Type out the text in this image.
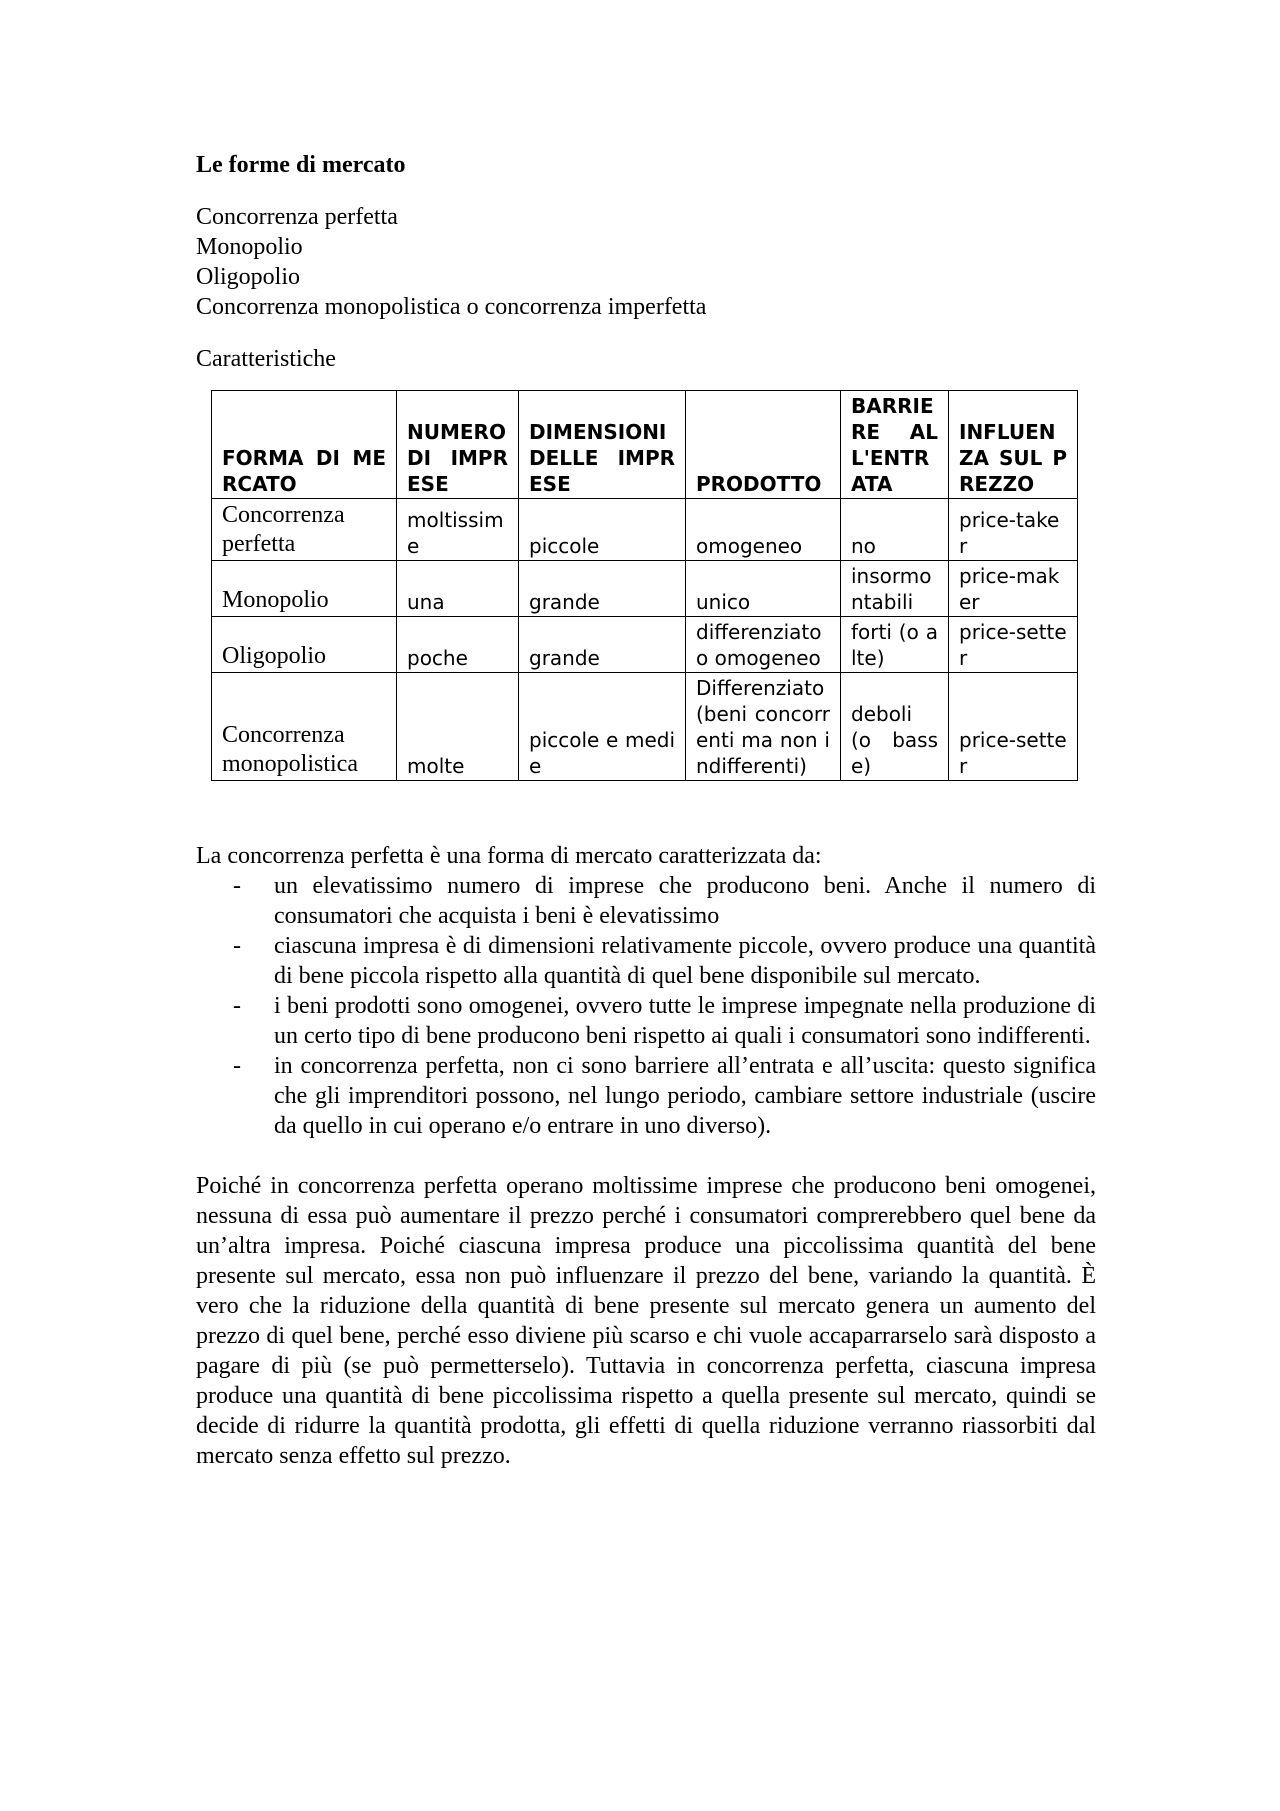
Le forme di mercato
Concorrenza perfetta
Monopolio
Oligopolio
Concorrenza monopolistica o concorrenza imperfetta
Caratteristiche
FORMA DI MERCATO	NUMERO DI IMPRESE	DIMENSIONI DELLE IMPRESE	PRODOTTO	BARRIERE ALL'ENTRATA	INFLUENZA SUL PREZZO
Concorrenza perfetta	moltissime	piccole	omogeneo	no	price-taker
Monopolio	una	grande	unico	insormontabili	price-maker
Oligopolio	poche	grande	differenziato o omogeneo	forti (o alte)	price-setter
Concorrenza monopolistica	molte	piccole e medie	Differenziato (beni concorrenti ma non indifferenti)	deboli (o basse)	price-setter
La concorrenza perfetta è una forma di mercato caratterizzata da:
- un elevatissimo numero di imprese che producono beni. Anche il numero di consumatori che acquista i beni è elevatissimo
- ciascuna impresa è di dimensioni relativamente piccole, ovvero produce una quantità di bene piccola rispetto alla quantità di quel bene disponibile sul mercato.
- i beni prodotti sono omogenei, ovvero tutte le imprese impegnate nella produzione di un certo tipo di bene producono beni rispetto ai quali i consumatori sono indifferenti.
- in concorrenza perfetta, non ci sono barriere all’entrata e all’uscita: questo significa che gli imprenditori possono, nel lungo periodo, cambiare settore industriale (uscire da quello in cui operano e/o entrare in uno diverso).

Poiché in concorrenza perfetta operano moltissime imprese che producono beni omogenei, nessuna di essa può aumentare il prezzo perché i consumatori comprerebbero quel bene da un’altra impresa. Poiché ciascuna impresa produce una piccolissima quantità del bene presente sul mercato, essa non può influenzare il prezzo del bene, variando la quantità. È vero che la riduzione della quantità di bene presente sul mercato genera un aumento del prezzo di quel bene, perché esso diviene più scarso e chi vuole accaparrarselo sarà disposto a pagare di più (se può permetterselo). Tuttavia in concorrenza perfetta, ciascuna impresa produce una quantità di bene piccolissima rispetto a quella presente sul mercato, quindi se decide di ridurre la quantità prodotta, gli effetti di quella riduzione verranno riassorbiti dal mercato senza effetto sul prezzo.
